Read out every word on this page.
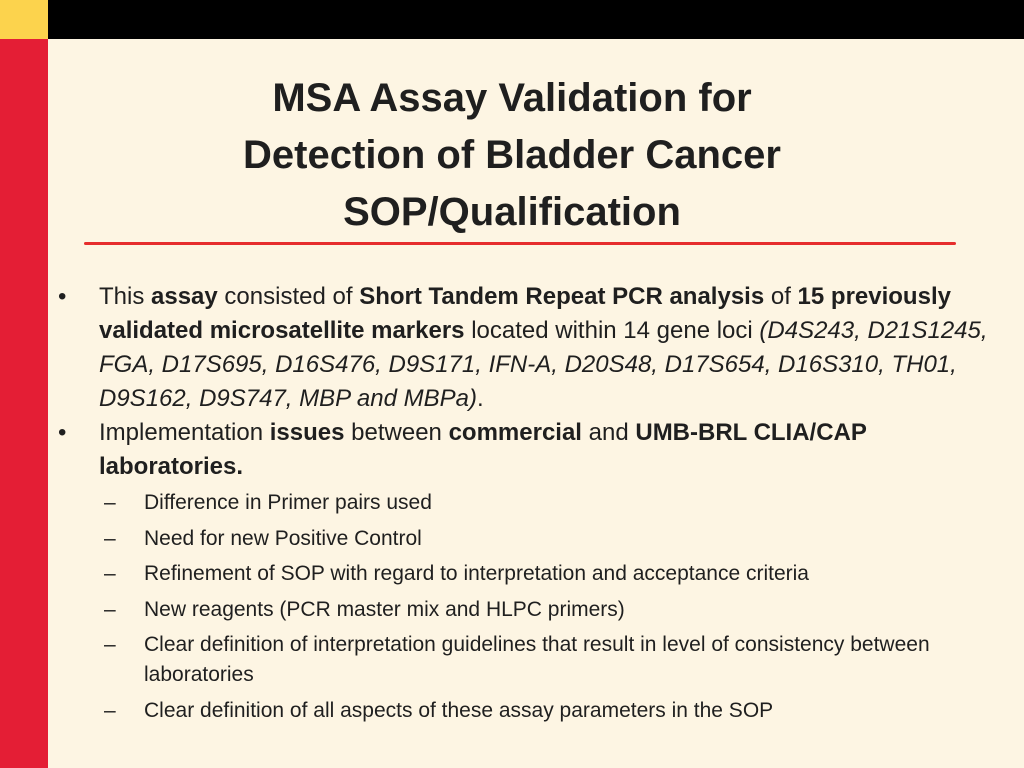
MSA Assay Validation for
Detection of Bladder Cancer
SOP/Qualification
• This assay consisted of Short Tandem Repeat PCR analysis of 15 previously validated microsatellite markers located within 14 gene loci (D4S243, D21S1245, FGA, D17S695, D16S476, D9S171, IFN-A, D20S48, D17S654, D16S310, TH01, D9S162, D9S747, MBP and MBPa).
• Implementation issues between commercial and UMB-BRL CLIA/CAP laboratories.
– Difference in Primer pairs used
– Need for new Positive Control
– Refinement of SOP with regard to interpretation and acceptance criteria
– New reagents (PCR master mix and HLPC primers)
– Clear definition of interpretation guidelines that result in level of consistency between laboratories
– Clear definition of all aspects of these assay parameters in the SOP
